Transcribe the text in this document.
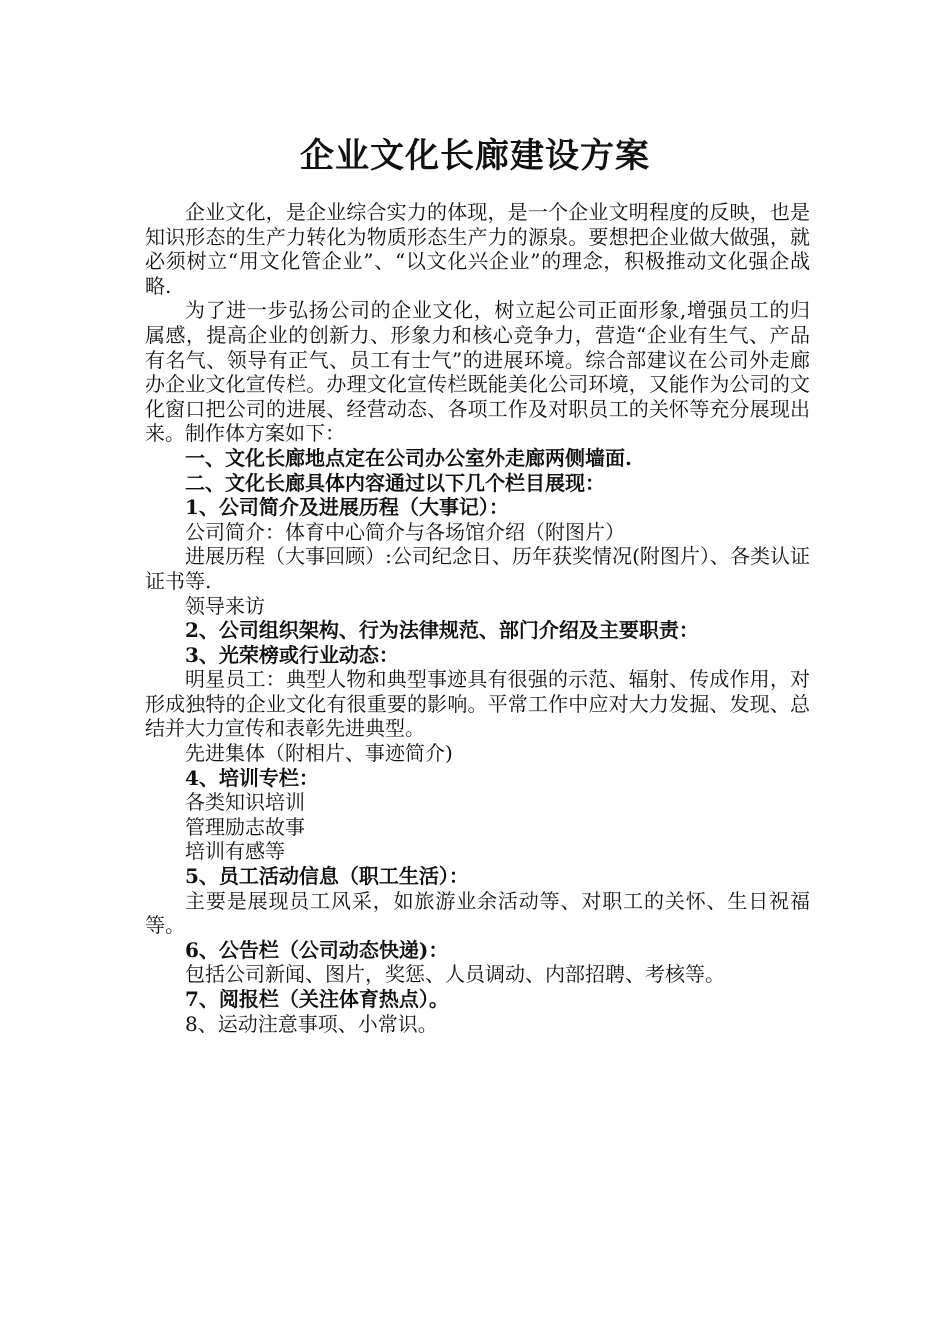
企业文化长廊建设方案

企业文化，是企业综合实力的体现，是一个企业文明程度的反映，也是知识形态的生产力转化为物质形态生产力的源泉。要想把企业做大做强，就必须树立“用文化管企业”、“以文化兴企业”的理念，积极推动文化强企战略.

为了进一步弘扬公司的企业文化，树立起公司正面形象,增强员工的归属感，提高企业的创新力、形象力和核心竞争力，营造“企业有生气、产品有名气、领导有正气、员工有士气”的进展环境。综合部建议在公司外走廊办企业文化宣传栏。办理文化宣传栏既能美化公司环境，又能作为公司的文化窗口把公司的进展、经营动态、各项工作及对职员工的关怀等充分展现出来。制作体方案如下：

一、文化长廊地点定在公司办公室外走廊两侧墙面.

二、文化长廊具体内容通过以下几个栏目展现：

1、公司简介及进展历程（大事记）：

公司简介：体育中心简介与各场馆介绍（附图片）

进展历程（大事回顾）:公司纪念日、历年获奖情况(附图片）、各类认证证书等.

领导来访

2、公司组织架构、行为法律规范、部门介绍及主要职责：

3、光荣榜或行业动态：

明星员工：典型人物和典型事迹具有很强的示范、辐射、传成作用，对形成独特的企业文化有很重要的影响。平常工作中应对大力发掘、发现、总结并大力宣传和表彰先进典型。

先进集体（附相片、事迹简介)

4、培训专栏：

各类知识培训

管理励志故事

培训有感等

5、员工活动信息（职工生活）：

主要是展现员工风采，如旅游业余活动等、对职工的关怀、生日祝福等。

6、公告栏（公司动态快递)：

包括公司新闻、图片，奖惩、人员调动、内部招聘、考核等。

7、阅报栏（关注体育热点）。

8、运动注意事项、小常识。
